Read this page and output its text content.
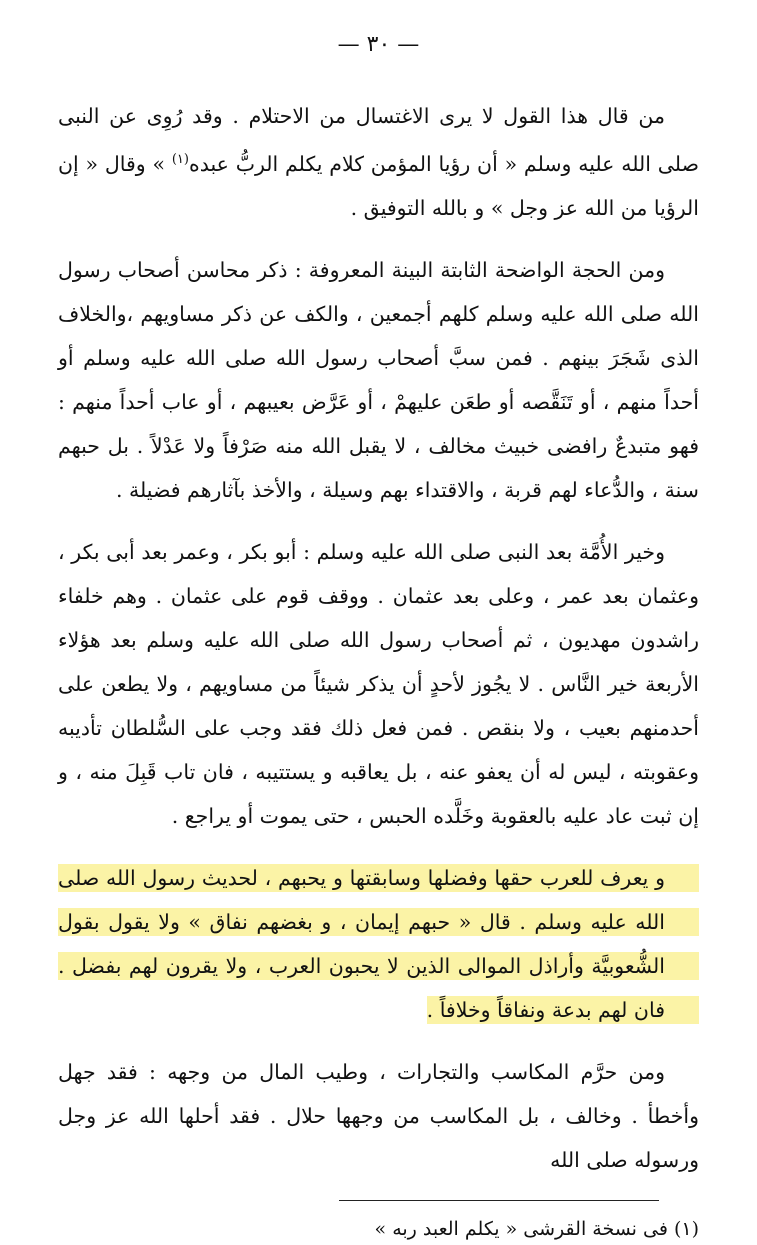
— ٣٠ —

من قال هذا القول لا يرى الاغتسال من الاحتلام . وقد رُوِى عن النبى صلى الله عليه وسلم « أن رؤيا المؤمن كلام يكلم الربُّ عبده$^{(١)}$ » وقال « إن الرؤيا من الله عز وجل » و بالله التوفيق .

ومن الحجة الواضحة الثابتة البينة المعروفة : ذكر محاسن أصحاب رسول الله صلى الله عليه وسلم كلهم أجمعين ، والكف عن ذكر مساويهم ،والخلاف الذى شَجَرَ بينهم . فمن سبَّ أصحاب رسول الله صلى الله عليه وسلم أو أحداً منهم ، أو تَنَقَّصه أو طعَن عليهمْ ، أو عَرَّض بعيبهم ، أو عاب أحداً منهم : فهو متبدعٌ رافضى خبيث مخالف ، لا يقبل الله منه صَرْفاً ولا عَدْلاً . بل حبهم سنة ، والدُّعاء لهم قربة ، والاقتداء بهم وسيلة ، والأخذ بآثارهم فضيلة .

وخير الأُمَّة بعد النبى صلى الله عليه وسلم : أبو بكر ، وعمر بعد أبى بكر ، وعثمان بعد عمر ، وعلى بعد عثمان . ووقف قوم على عثمان . وهم خلفاء راشدون مهديون ، ثم أصحاب رسول الله صلى الله عليه وسلم بعد هؤلاء الأربعة خير النَّاس . لا يجُوز لأحدٍ أن يذكر شيئاً من مساويهم ، ولا يطعن على أحدمنهم بعيب ، ولا بنقص . فمن فعل ذلك فقد وجب على السُّلطان تأديبه وعقوبته ، ليس له أن يعفو عنه ، بل يعاقبه و يستتيبه ، فان تاب قَبِلَ منه ، و إن ثبت عاد عليه بالعقوبة وخَلَّده الحبس ، حتى يموت أو يراجع .

و يعرف للعرب حقها وفضلها وسابقتها و يحبهم ، لحديث رسول الله صلى الله عليه وسلم . قال « حبهم إيمان ، و بغضهم نفاق » ولا يقول بقول الشُّعوبيَّة وأراذل الموالى الذين لا يحبون العرب ، ولا يقرون لهم بفضل . فان لهم بدعة ونفاقاً وخلافاً .

ومن حرَّم المكاسب والتجارات ، وطيب المال من وجهه : فقد جهل وأخطأ . وخالف ، بل المكاسب من وجهها حلال . فقد أحلها الله عز وجل ورسوله صلى الله

(١) فى نسخة القرشى « يكلم العبد ربه »
